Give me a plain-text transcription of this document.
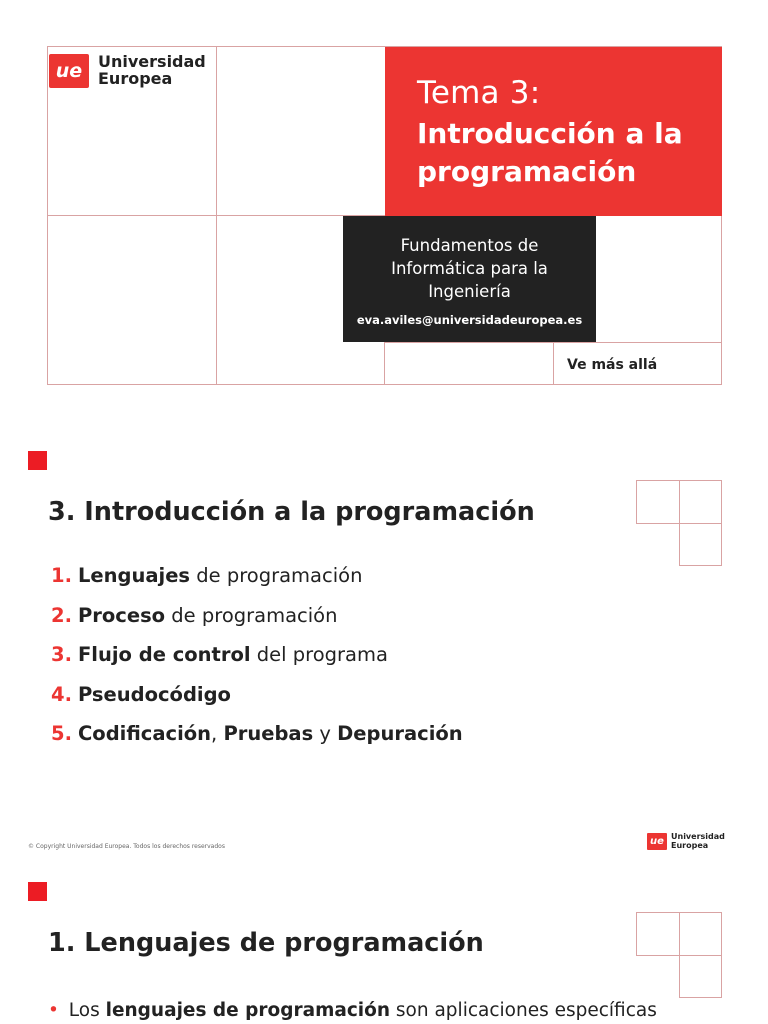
ue Universidad
Europea	Tema 3:
Introducción a la
programación
Fundamentos de
Informática para la
Ingeniería
eva.aviles@universidadeuropea.es
Ve más allá
3. Introducción a la programación
1. Lenguajes de programación
2. Proceso de programación
3. Flujo de control del programa
4. Pseudocódigo
5. Codificación, Pruebas y Depuración
© Copyright Universidad Europea. Todos los derechos reservados	ue Universidad
Europea
1. Lenguajes de programación
• Los lenguajes de programación son aplicaciones específicas
